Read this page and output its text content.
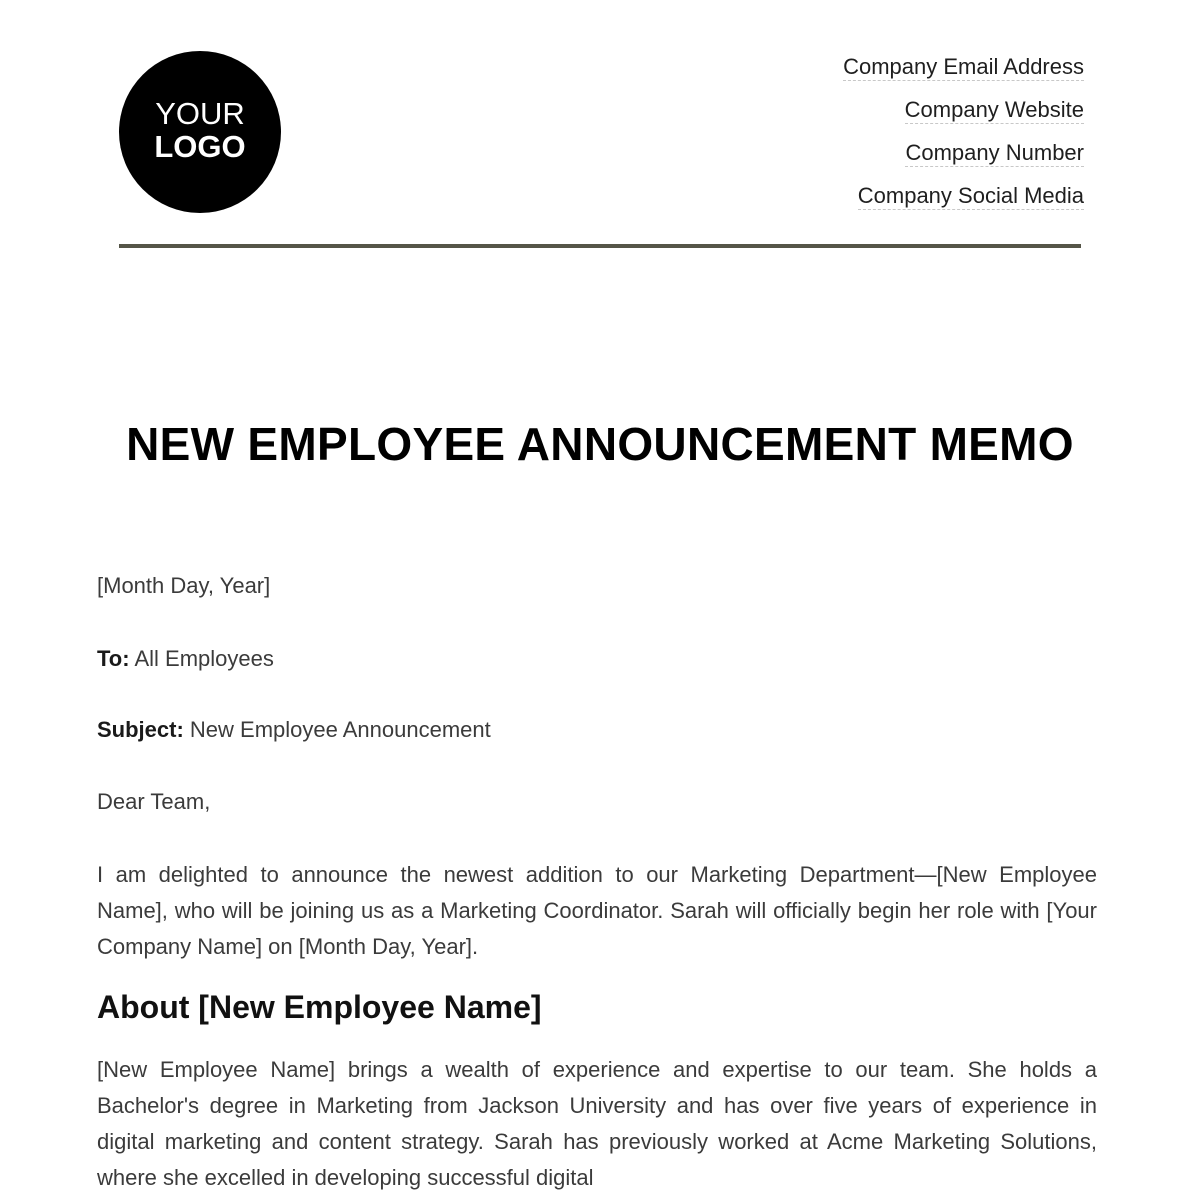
YOUR
LOGO
Company Email Address
Company Website
Company Number
Company Social Media
NEW EMPLOYEE ANNOUNCEMENT MEMO
[Month Day, Year]
To: All Employees
Subject: New Employee Announcement
Dear Team,

I am delighted to announce the newest addition to our Marketing Department—[New Employee Name], who will be joining us as a Marketing Coordinator. Sarah will officially begin her role with [Your Company Name] on [Month Day, Year].

About [New Employee Name]

[New Employee Name] brings a wealth of experience and expertise to our team. She holds a Bachelor's degree in Marketing from Jackson University and has over five years of experience in digital marketing and content strategy. Sarah has previously worked at Acme Marketing Solutions, where she excelled in developing successful digital
